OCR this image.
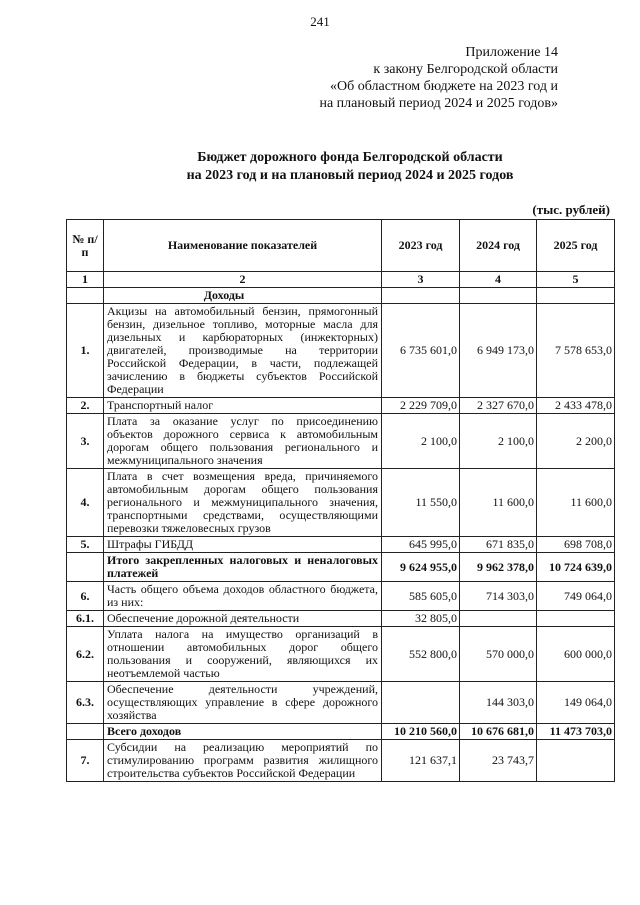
241
Приложение 14
к закону Белгородской области
«Об областном бюджете на 2023 год и
на плановый период 2024 и 2025 годов»
Бюджет дорожного фонда Белгородской области
на 2023 год и на плановый период 2024 и 2025 годов
(тыс. рублей)
№ п/п	Наименование показателей	2023 год	2024 год	2025 год
1	2	3	4	5
	Доходы			
1.	Акцизы на автомобильный бензин, прямогонный бензин, дизельное топливо, моторные масла для дизельных и карбюраторных (инжекторных) двигателей, производимые на территории Российской Федерации, в части, подлежащей зачислению в бюджеты субъектов Российской Федерации	6 735 601,0	6 949 173,0	7 578 653,0
2.	Транспортный налог	2 229 709,0	2 327 670,0	2 433 478,0
3.	Плата за оказание услуг по присоединению объектов дорожного сервиса к автомобильным дорогам общего пользования регионального и межмуниципального значения	2 100,0	2 100,0	2 200,0
4.	Плата в счет возмещения вреда, причиняемого автомобильным дорогам общего пользования регионального и межмуниципального значения, транспортными средствами, осуществляющими перевозки тяжеловесных грузов	11 550,0	11 600,0	11 600,0
5.	Штрафы ГИБДД	645 995,0	671 835,0	698 708,0
	Итого закрепленных налоговых и неналоговых платежей	9 624 955,0	9 962 378,0	10 724 639,0
6.	Часть общего объема доходов областного бюджета, из них:	585 605,0	714 303,0	749 064,0
6.1.	Обеспечение дорожной деятельности	32 805,0		
6.2.	Уплата налога на имущество организаций в отношении автомобильных дорог общего пользования и сооружений, являющихся их неотъемлемой частью	552 800,0	570 000,0	600 000,0
6.3.	Обеспечение деятельности учреждений, осуществляющих управление в сфере дорожного хозяйства		144 303,0	149 064,0
	Всего доходов	10 210 560,0	10 676 681,0	11 473 703,0
7.	Субсидии на реализацию мероприятий по стимулированию программ развития жилищного строительства субъектов Российской Федерации	121 637,1	23 743,7	
